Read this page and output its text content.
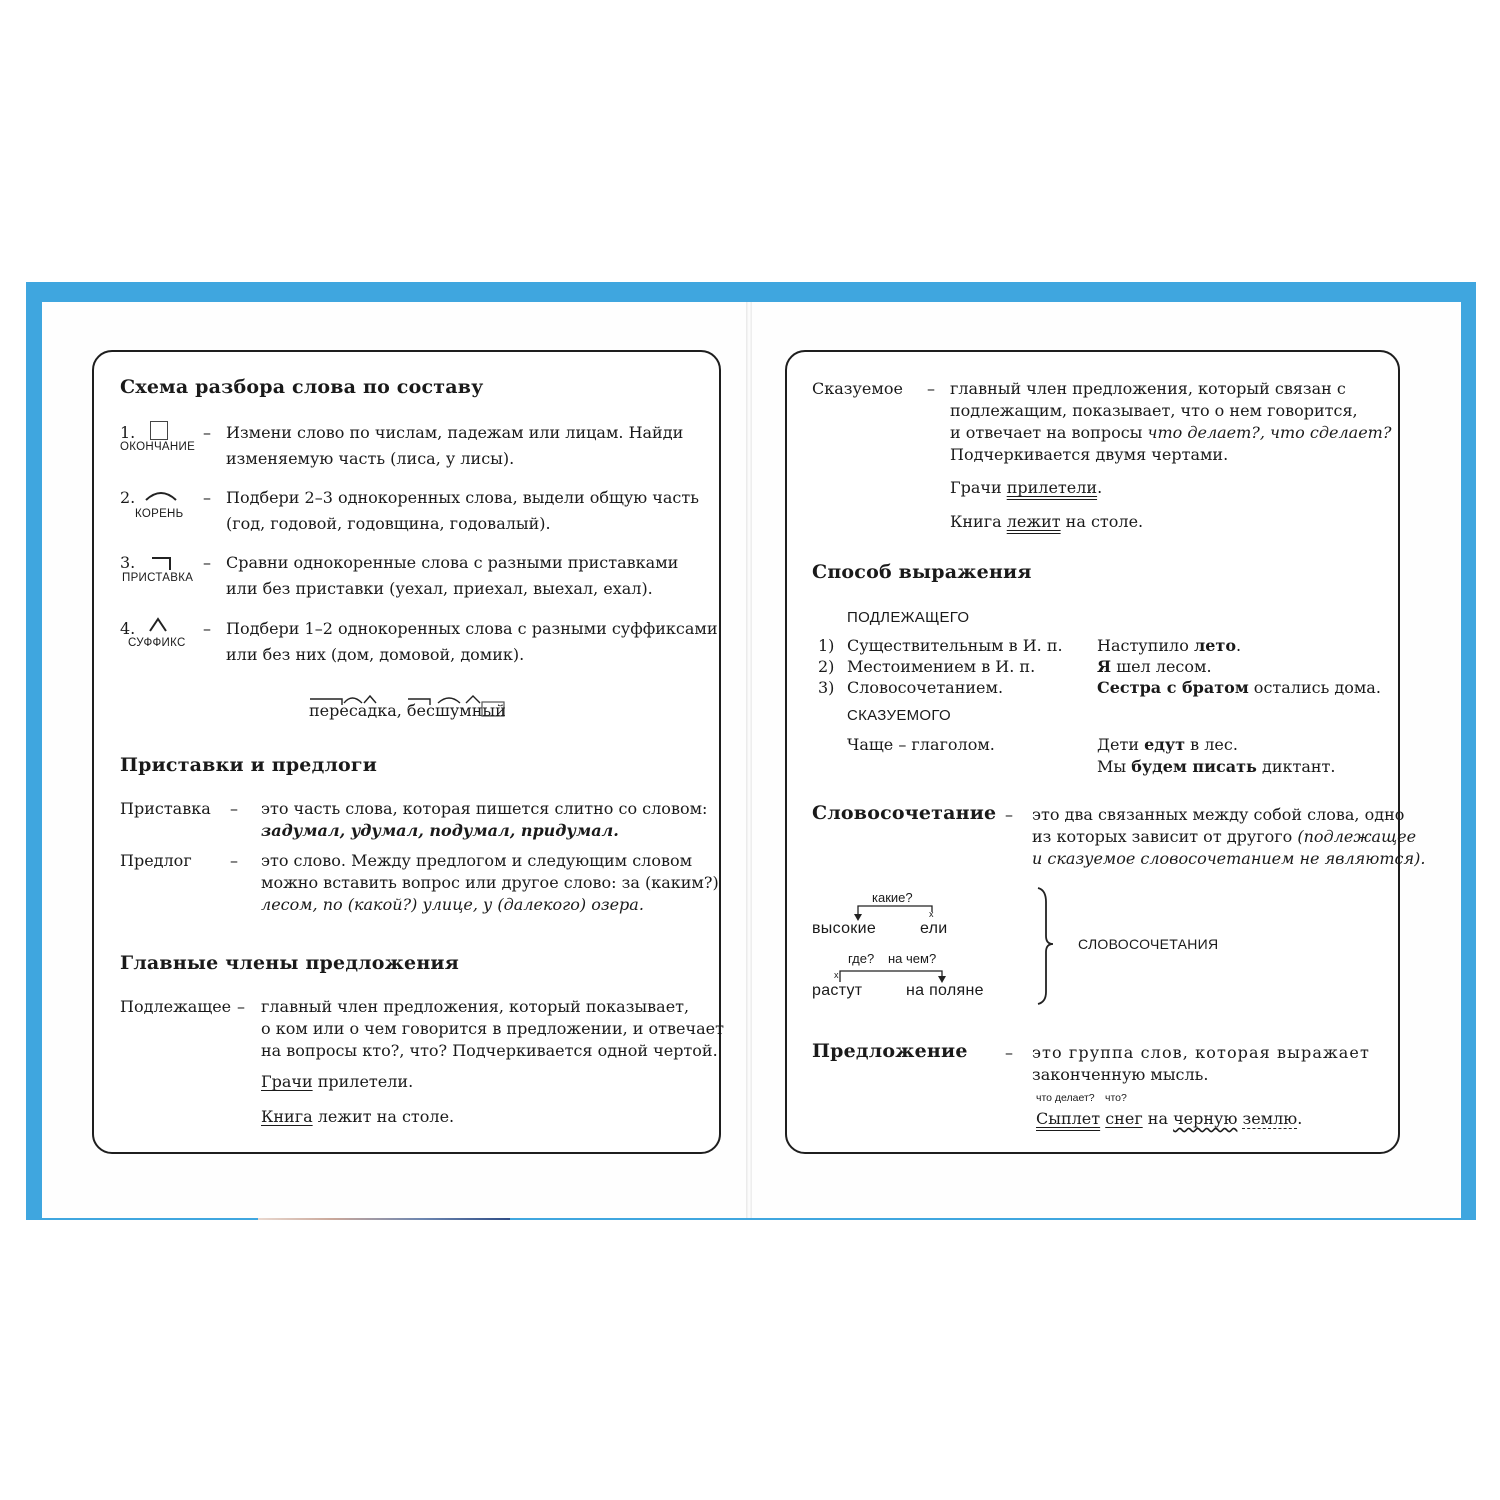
Схема разбора слова по составу
1.
ОКОНЧАНИЕ
– Измени слово по числам, падежам или лицам. Найди
изменяемую часть (лиса, у лисы).
2.
КОРЕНЬ
– Подбери 2–3 однокоренных слова, выдели общую часть
(год, годовой, годовщина, годовалый).
3.
ПРИСТАВКА
– Сравни однокоренные слова с разными приставками
или без приставки (уехал, приехал, выехал, ехал).
4.
СУФФИКС
– Подбери 1–2 однокоренных слова с разными суффиксами
или без них (дом, домовой, домик).
пересадка, бесшумный
Приставки и предлоги
Приставка – это часть слова, которая пишется слитно со словом:
задумал, удумал, подумал, придумал.
Предлог – это слово. Между предлогом и следующим словом
можно вставить вопрос или другое слово: за (каким?)
лесом, по (какой?) улице, у (далекого) озера.
Главные члены предложения
Подлежащее – главный член предложения, который показывает,
о ком или о чем говорится в предложении, и отвечает
на вопросы кто?, что? Подчеркивается одной чертой.
Грачи прилетели.
Книга лежит на столе.
Сказуемое – главный член предложения, который связан с
подлежащим, показывает, что о нем говорится,
и отвечает на вопросы что делает?, что сделает?
Подчеркивается двумя чертами.
Грачи прилетели.
Книга лежит на столе.
Способ выражения
ПОДЛЕЖАЩЕГО
1) Существительным в И. п. Наступило лето.
2) Местоимением в И. п.	Я шел лесом.
3) Словосочетанием.	Сестра с братом остались дома.
СКАЗУЕМОГО
Чаще – глаголом.	Дети едут в лес.
Мы будем писать диктант.
Словосочетание – это два связанных между собой слова, одно
из которых зависит от другого (подлежащее
и сказуемое словосочетанием не являются).
какие?
x
высокие	ели
где? на чем?
x
растут	на поляне
СЛОВОСОЧЕТАНИЯ
Предложение – это группа слов, которая выражает
законченную мысль.
что делает? что?
Сыплет снег на черную землю.
